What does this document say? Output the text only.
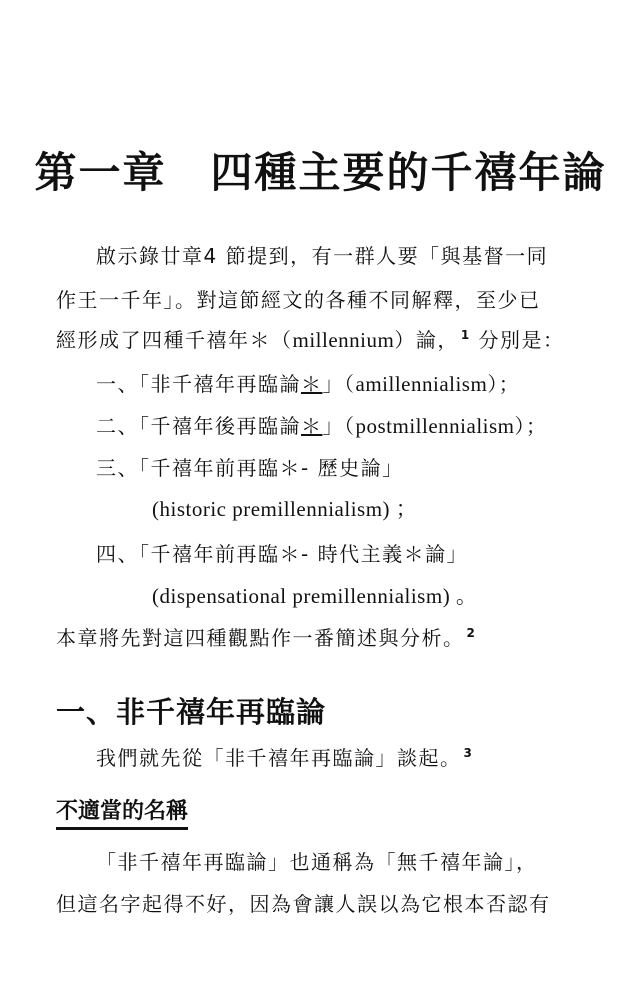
第一章　四種主要的千禧年論
啟示錄廿章4 節提到，有一群人要「與基督一同
作王一千年」。對這節經文的各種不同解釋，至少已
經形成了四種千禧年＊（millennium）論， $^1$ 分別是：
一、「非千禧年再臨論＊」（amillennialism）；
二、「千禧年後再臨論＊」（postmillennialism）；
三、「千禧年前再臨＊- 歷史論」
(historic premillennialism) ；
四、「千禧年前再臨＊- 時代主義＊論」
(dispensational premillennialism) 。
本章將先對這四種觀點作一番簡述與分析。 $^2$
一、非千禧年再臨論
我們就先從「非千禧年再臨論」談起。 $^3$
不適當的名稱
「非千禧年再臨論」也通稱為「無千禧年論」，
但這名字起得不好，因為會讓人誤以為它根本否認有
